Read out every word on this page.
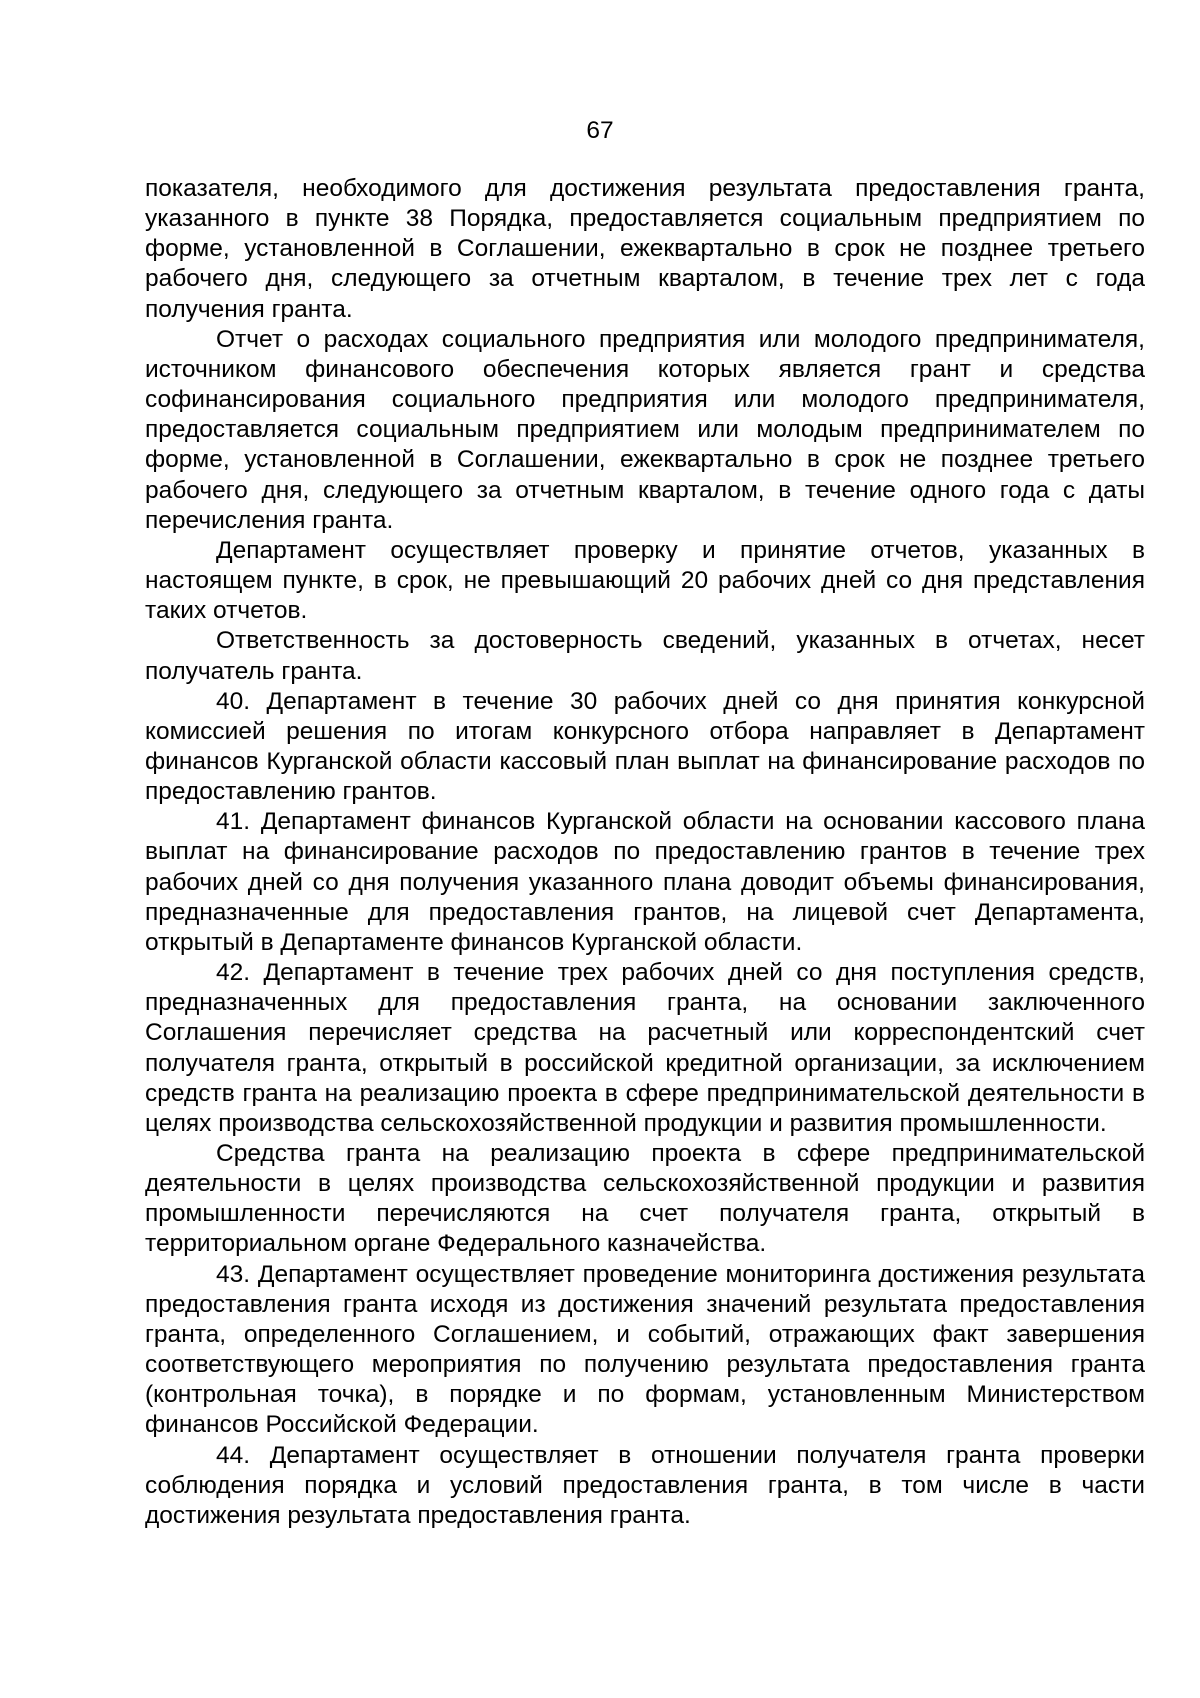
67

показателя, необходимого для достижения результата предоставления гранта, указанного в пункте 38 Порядка, предоставляется социальным предприятием по форме, установленной в Соглашении, ежеквартально в срок не позднее третьего рабочего дня, следующего за отчетным кварталом, в течение трех лет с года получения гранта.

Отчет о расходах социального предприятия или молодого предпринимателя, источником финансового обеспечения которых является грант и средства софинансирования социального предприятия или молодого предпринимателя, предоставляется социальным предприятием или молодым предпринимателем по форме, установленной в Соглашении, ежеквартально в срок не позднее третьего рабочего дня, следующего за отчетным кварталом, в течение одного года с даты перечисления гранта.

Департамент осуществляет проверку и принятие отчетов, указанных в настоящем пункте, в срок, не превышающий 20 рабочих дней со дня представления таких отчетов.

Ответственность за достоверность сведений, указанных в отчетах, несет получатель гранта.

40. Департамент в течение 30 рабочих дней со дня принятия конкурсной комиссией решения по итогам конкурсного отбора направляет в Департамент финансов Курганской области кассовый план выплат на финансирование расходов по предоставлению грантов.

41. Департамент финансов Курганской области на основании кассового плана выплат на финансирование расходов по предоставлению грантов в течение трех рабочих дней со дня получения указанного плана доводит объемы финансирования, предназначенные для предоставления грантов, на лицевой счет Департамента, открытый в Департаменте финансов Курганской области.

42. Департамент в течение трех рабочих дней со дня поступления средств, предназначенных для предоставления гранта, на основании заключенного Соглашения перечисляет средства на расчетный или корреспондентский счет получателя гранта, открытый в российской кредитной организации, за исключением средств гранта на реализацию проекта в сфере предпринимательской деятельности в целях производства сельскохозяйственной продукции и развития промышленности.

Средства гранта на реализацию проекта в сфере предпринимательской деятельности в целях производства сельскохозяйственной продукции и развития промышленности перечисляются на счет получателя гранта, открытый в территориальном органе Федерального казначейства.

43. Департамент осуществляет проведение мониторинга достижения результата предоставления гранта исходя из достижения значений результата предоставления гранта, определенного Соглашением, и событий, отражающих факт завершения соответствующего мероприятия по получению результата предоставления гранта (контрольная точка), в порядке и по формам, установленным Министерством финансов Российской Федерации.

44. Департамент осуществляет в отношении получателя гранта проверки соблюдения порядка и условий предоставления гранта, в том числе в части достижения результата предоставления гранта.
